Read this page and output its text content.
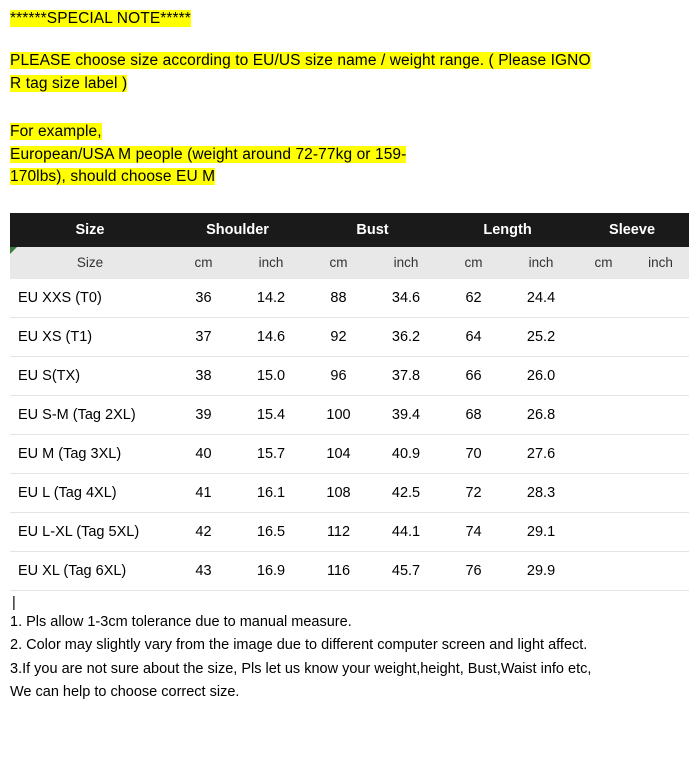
******SPECIAL NOTE*****
PLEASE choose size according to EU/US size name / weight range. ( Please IGNO
R tag size label )
For example,
European/USA M people (weight around 72-77kg or 159-
170lbs), should choose EU M
Size	Shoulder		Bust		Length		Sleeve	
Size	cm	inch	cm	inch	cm	inch	cm	inch
EU XXS (T0)	36	14.2	88	34.6	62	24.4		
EU XS (T1)	37	14.6	92	36.2	64	25.2		
EU S(TX)	38	15.0	96	37.8	66	26.0		
EU S-M (Tag 2XL)	39	15.4	100	39.4	68	26.8		
EU M (Tag 3XL)	40	15.7	104	40.9	70	27.6		
EU L (Tag 4XL)	41	16.1	108	42.5	72	28.3		
EU L-XL (Tag 5XL)	42	16.5	112	44.1	74	29.1		
EU XL (Tag 6XL)	43	16.9	116	45.7	76	29.9		
|
1. Pls allow 1-3cm tolerance due to manual measure.
2. Color may slightly vary from the image due to different computer screen and light affect.
3.If you are not sure about the size, Pls let us know your weight,height, Bust,Waist info etc,
We can help to choose correct size.
